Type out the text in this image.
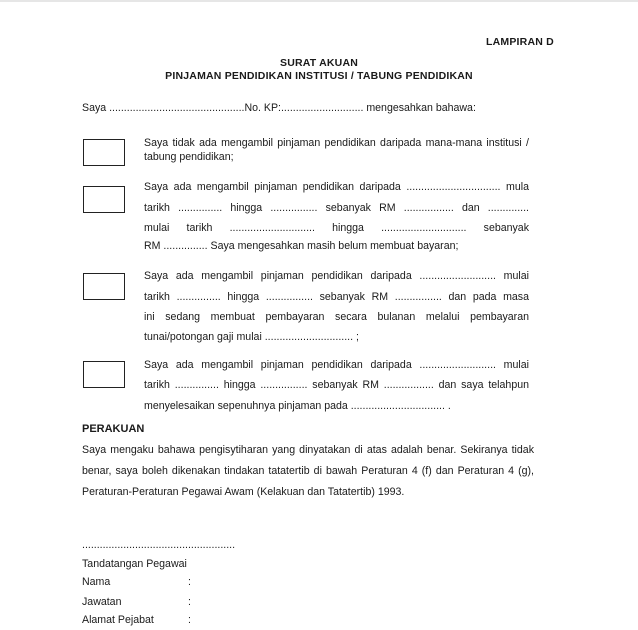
LAMPIRAN D
SURAT AKUAN
PINJAMAN PENDIDIKAN INSTITUSI / TABUNG PENDIDIKAN
Saya ..............................................No. KP:............................ mengesahkan bahawa:
Saya tidak ada mengambil pinjaman pendidikan daripada mana-mana institusi /
tabung pendidikan;
Saya ada mengambil pinjaman pendidikan daripada ................................ mula
tarikh ............... hingga ................ sebanyak RM ................. dan ..............
mulai tarikh ............................. hingga ............................. sebanyak
RM ............... Saya mengesahkan masih belum membuat bayaran;
Saya ada mengambil pinjaman pendidikan daripada .......................... mulai
tarikh ............... hingga ................ sebanyak RM ................ dan pada masa
ini sedang membuat pembayaran secara bulanan melalui pembayaran
tunai/potongan gaji mulai .............................. ;
Saya ada mengambil pinjaman pendidikan daripada .......................... mulai
tarikh ............... hingga ................ sebanyak RM ................. dan saya telahpun
menyelesaikan sepenuhnya pinjaman pada ................................ .
PERAKUAN
Saya mengaku bahawa pengisytiharan yang dinyatakan di atas adalah benar. Sekiranya tidak
benar, saya boleh dikenakan tindakan tatatertib di bawah Peraturan 4 (f) dan Peraturan 4 (g),
Peraturan-Peraturan Pegawai Awam (Kelakuan dan Tatatertib) 1993.
....................................................
Tandatangan Pegawai
Nama	:
Jawatan	:
Alamat Pejabat	:
